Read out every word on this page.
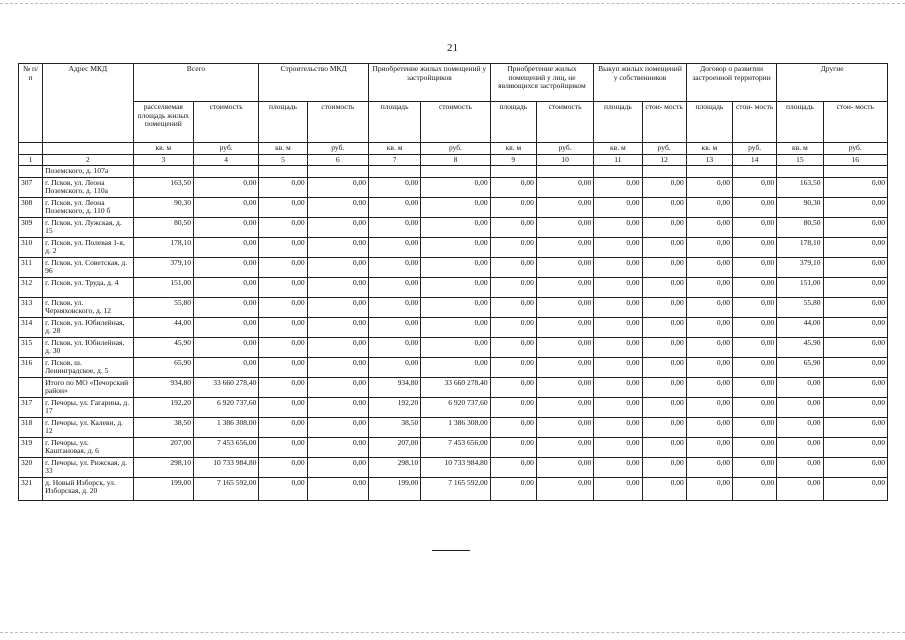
21
№ п/п	Адрес МКД	Всего		Строительство МКД		Приобретение жилых помещений у застройщиков		Приобретение жилых помещений у лиц, не являющихся застройщиком		Выкуп жилых помещений у собственников		Договор о развитии застроенной территории		Другие	
		расселяемая площадь жилых помещений	стоимость	площадь	стоимость	площадь	стоимость	площадь	стоимость	площадь	стои- мость	площадь	стои- мость	площадь	стои- мость
		кв. м	руб.	кв. м	руб.	кв. м	руб.	кв. м	руб.	кв. м	руб.	кв. м	руб.	кв. м	руб.
1	2	3	4	5	6	7	8	9	10	11	12	13	14	15	16
	Поземского, д. 107а														
307	г. Псков, ул. Леона Поземского, д. 110а	163,50	0,00	0,00	0,00	0,00	0,00	0,00	0,00	0,00	0,00	0,00	0,00	163,50	0,00
308	г. Псков, ул. Леона Поземского, д. 110 б	90,30	0,00	0,00	0,00	0,00	0,00	0,00	0,00	0,00	0,00	0,00	0,00	90,30	0,00
309	г. Псков, ул. Лужская, д. 15	80,50	0,00	0,00	0,00	0,00	0,00	0,00	0,00	0,00	0,00	0,00	0,00	80,50	0,00
310	г. Псков, ул. Полевая 1-я, д. 2	178,10	0,00	0,00	0,00	0,00	0,00	0,00	0,00	0,00	0,00	0,00	0,00	178,10	0,00
311	г. Псков, ул. Советская, д. 96	379,10	0,00	0,00	0,00	0,00	0,00	0,00	0,00	0,00	0,00	0,00	0,00	379,10	0,00
312	г. Псков, ул. Труда, д. 4	151,00	0,00	0,00	0,00	0,00	0,00	0,00	0,00	0,00	0,00	0,00	0,00	151,00	0,00
313	г. Псков, ул. Черняховского, д. 12	55,80	0,00	0,00	0,00	0,00	0,00	0,00	0,00	0,00	0,00	0,00	0,00	55,80	0,00
314	г. Псков, ул. Юбилейная, д. 28	44,00	0,00	0,00	0,00	0,00	0,00	0,00	0,00	0,00	0,00	0,00	0,00	44,00	0,00
315	г. Псков, ул. Юбилейная, д. 30	45,90	0,00	0,00	0,00	0,00	0,00	0,00	0,00	0,00	0,00	0,00	0,00	45,90	0,00
316	г. Псков, ш. Ленинградское, д. 5	65,90	0,00	0,00	0,00	0,00	0,00	0,00	0,00	0,00	0,00	0,00	0,00	65,90	0,00
	Итого по МО «Печорский район»	934,80	33 660 278,40	0,00	0,00	934,80	33 660 278,40	0,00	0,00	0,00	0,00	0,00	0,00	0,00	0,00
317	г. Печоры, ул. Гагарина, д. 17	192,20	6 920 737,60	0,00	0,00	192,20	6 920 737,60	0,00	0,00	0,00	0,00	0,00	0,00	0,00	0,00
318	г. Печоры, ул. Калеви, д. 12	38,50	1 386 308,00	0,00	0,00	38,50	1 386 308,00	0,00	0,00	0,00	0,00	0,00	0,00	0,00	0,00
319	г. Печоры, ул. Каштановая, д. 6	207,00	7 453 656,00	0,00	0,00	207,00	7 453 656,00	0,00	0,00	0,00	0,00	0,00	0,00	0,00	0,00
320	г. Печоры, ул. Рижская, д. 33	298,10	10 733 984,80	0,00	0,00	298,10	10 733 984,80	0,00	0,00	0,00	0,00	0,00	0,00	0,00	0,00
321	д. Новый Изборск, ул. Изборская, д. 20	199,00	7 165 592,00	0,00	0,00	199,00	7 165 592,00	0,00	0,00	0,00	0,00	0,00	0,00	0,00	0,00
